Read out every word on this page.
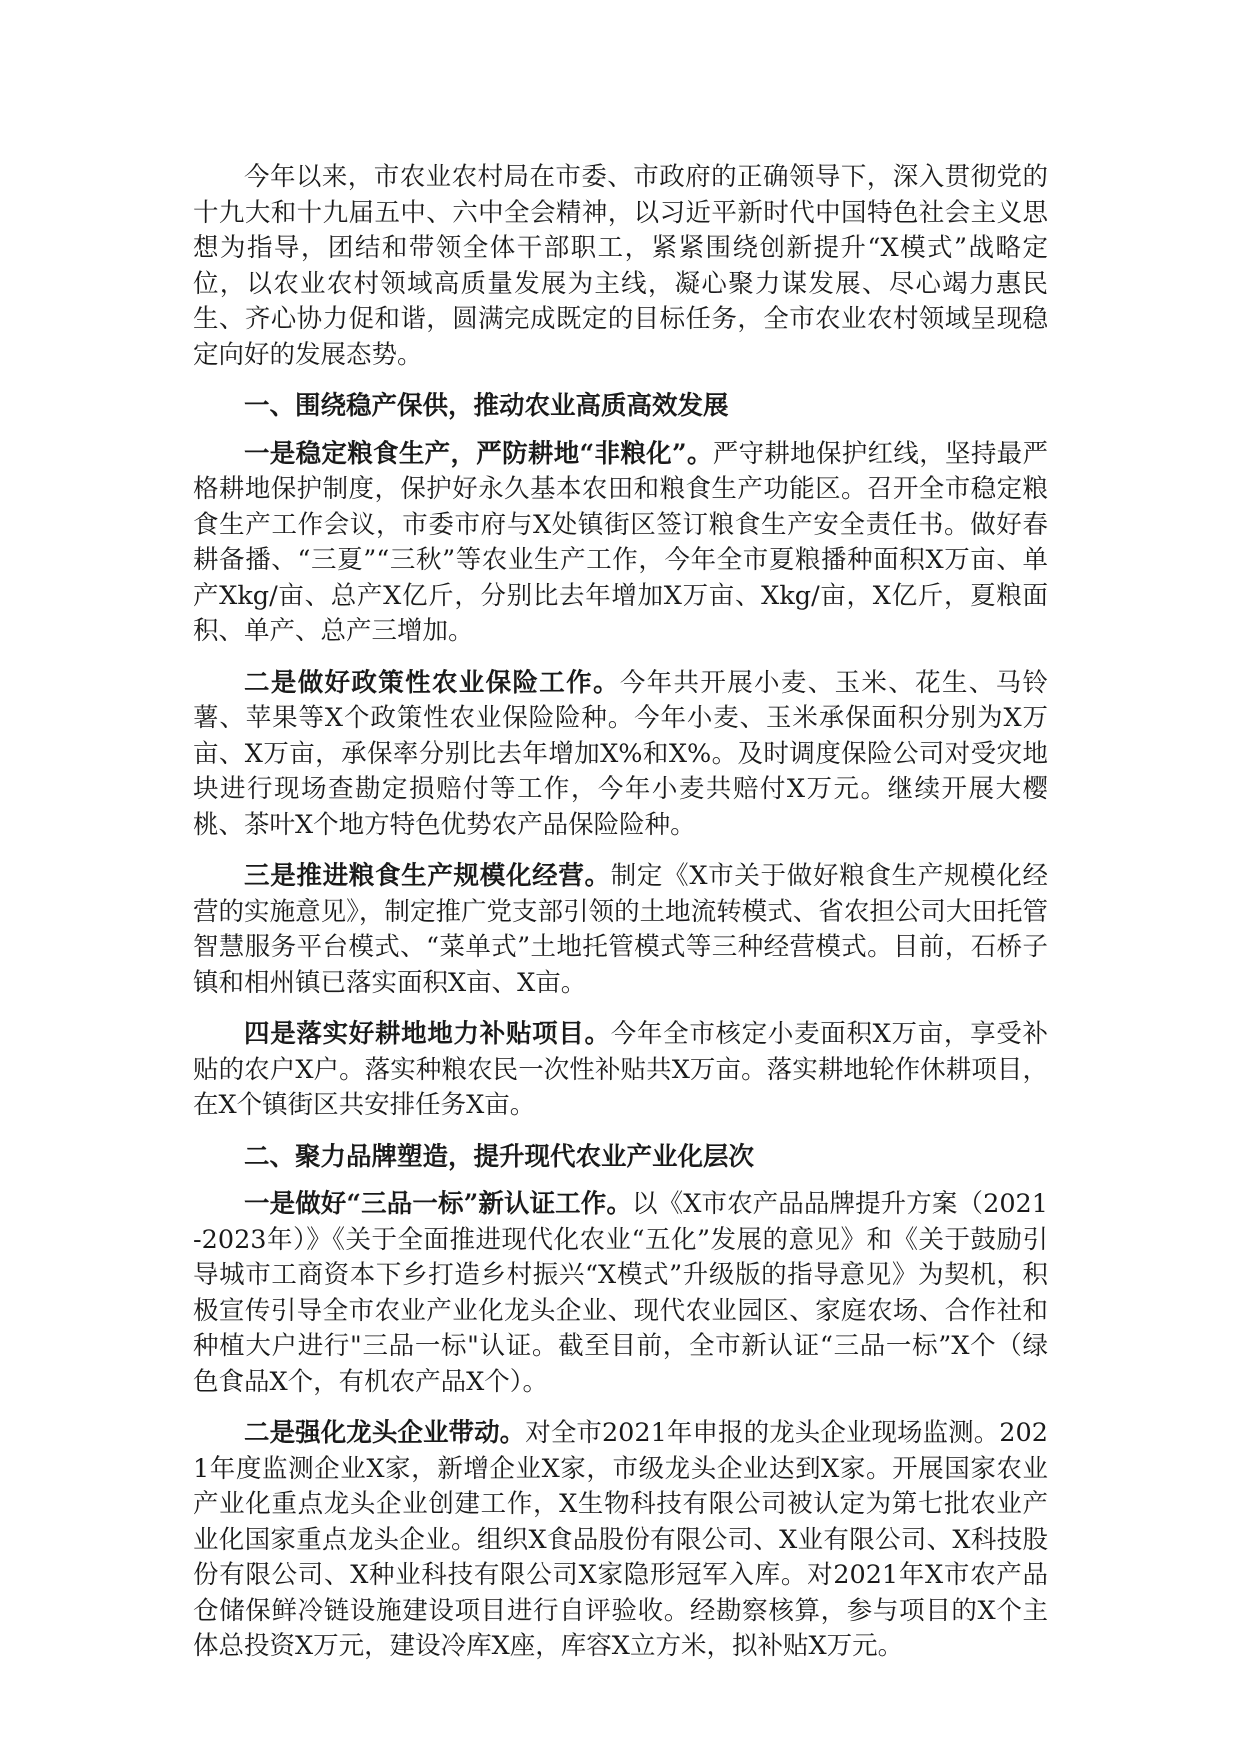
今年以来，市农业农村局在市委、市政府的正确领导下，深入贯彻党的十九大和十九届五中、六中全会精神，以习近平新时代中国特色社会主义思想为指导，团结和带领全体干部职工，紧紧围绕创新提升“X模式”战略定位，以农业农村领域高质量发展为主线，凝心聚力谋发展、尽心竭力惠民生、齐心协力促和谐，圆满完成既定的目标任务，全市农业农村领域呈现稳定向好的发展态势。

一、围绕稳产保供，推动农业高质高效发展

一是稳定粮食生产，严防耕地“非粮化”。严守耕地保护红线，坚持最严格耕地保护制度，保护好永久基本农田和粮食生产功能区。召开全市稳定粮食生产工作会议，市委市府与X处镇街区签订粮食生产安全责任书。做好春耕备播、“三夏”“三秋”等农业生产工作，今年全市夏粮播种面积X万亩、单产Xkg/亩、总产X亿斤，分别比去年增加X万亩、Xkg/亩，X亿斤，夏粮面积、单产、总产三增加。

二是做好政策性农业保险工作。今年共开展小麦、玉米、花生、马铃薯、苹果等X个政策性农业保险险种。今年小麦、玉米承保面积分别为X万亩、X万亩，承保率分别比去年增加X%和X%。及时调度保险公司对受灾地块进行现场查勘定损赔付等工作，今年小麦共赔付X万元。继续开展大樱桃、茶叶X个地方特色优势农产品保险险种。

三是推进粮食生产规模化经营。制定《X市关于做好粮食生产规模化经营的实施意见》，制定推广党支部引领的土地流转模式、省农担公司大田托管智慧服务平台模式、“菜单式”土地托管模式等三种经营模式。目前，石桥子镇和相州镇已落实面积X亩、X亩。

四是落实好耕地地力补贴项目。今年全市核定小麦面积X万亩，享受补贴的农户X户。落实种粮农民一次性补贴共X万亩。落实耕地轮作休耕项目，在X个镇街区共安排任务X亩。

二、聚力品牌塑造，提升现代农业产业化层次

一是做好“三品一标”新认证工作。以《X市农产品品牌提升方案（2021-2023年）》《关于全面推进现代化农业“五化”发展的意见》和《关于鼓励引导城市工商资本下乡打造乡村振兴“X模式”升级版的指导意见》为契机，积极宣传引导全市农业产业化龙头企业、现代农业园区、家庭农场、合作社和种植大户进行"三品一标"认证。截至目前，全市新认证“三品一标”X个（绿色食品X个，有机农产品X个）。

二是强化龙头企业带动。对全市2021年申报的龙头企业现场监测。2021年度监测企业X家，新增企业X家，市级龙头企业达到X家。开展国家农业产业化重点龙头企业创建工作，X生物科技有限公司被认定为第七批农业产业化国家重点龙头企业。组织X食品股份有限公司、X业有限公司、X科技股份有限公司、X种业科技有限公司X家隐形冠军入库。对2021年X市农产品仓储保鲜冷链设施建设项目进行自评验收。经勘察核算，参与项目的X个主体总投资X万元，建设冷库X座，库容X立方米，拟补贴X万元。
